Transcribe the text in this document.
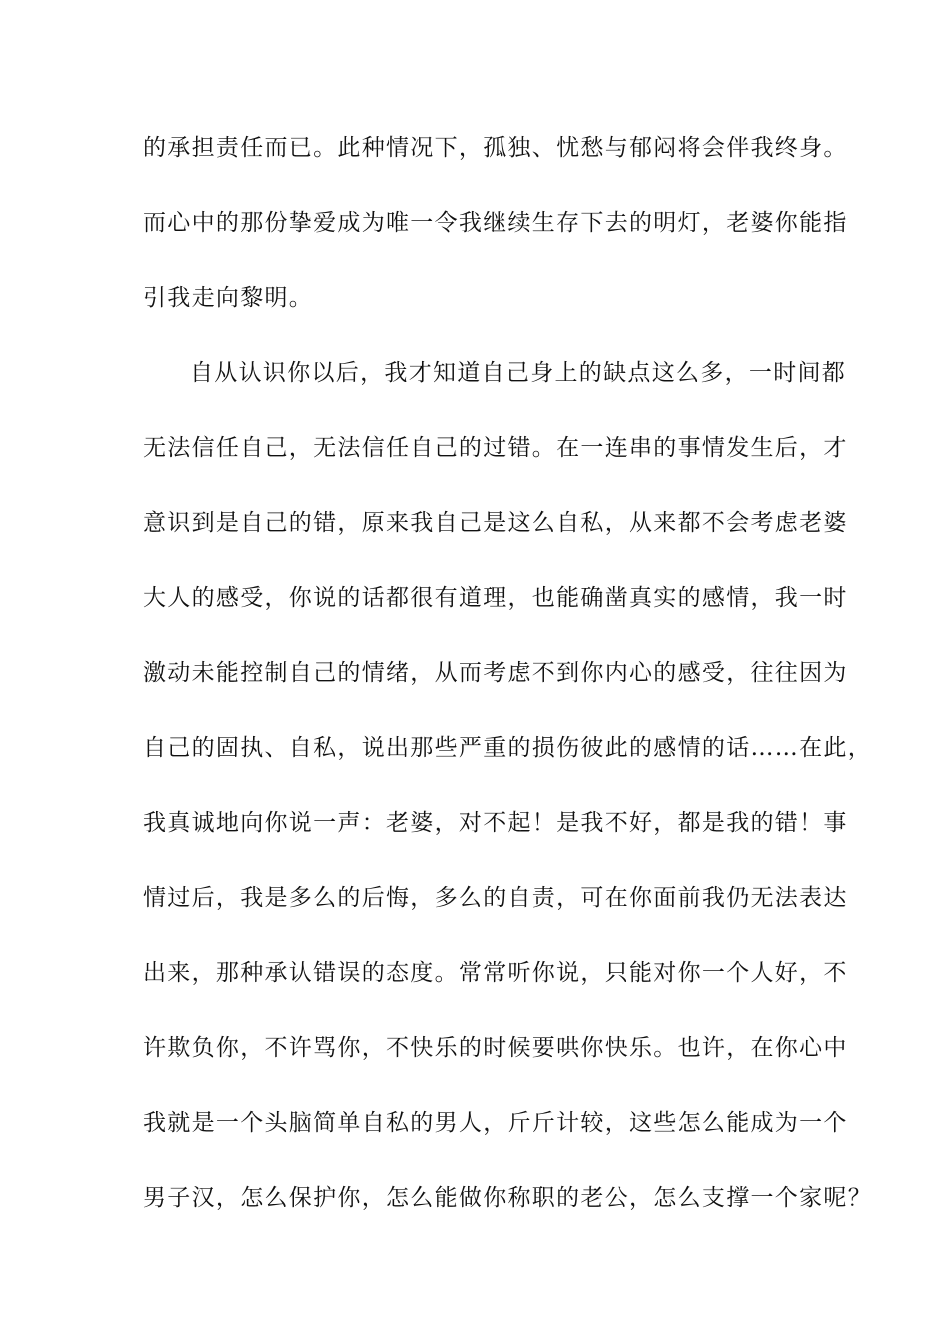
的承担责任而已。此种情况下，孤独、忧愁与郁闷将会伴我终身。

而心中的那份挚爱成为唯一令我继续生存下去的明灯，老婆你能指

引我走向黎明。

自从认识你以后，我才知道自己身上的缺点这么多，一时间都

无法信任自己，无法信任自己的过错。在一连串的事情发生后，才

意识到是自己的错，原来我自己是这么自私，从来都不会考虑老婆

大人的感受，你说的话都很有道理，也能确凿真实的感情，我一时

激动未能控制自己的情绪，从而考虑不到你内心的感受，往往因为

自己的固执、自私，说出那些严重的损伤彼此的感情的话……在此，

我真诚地向你说一声：老婆，对不起！是我不好，都是我的错！事

情过后，我是多么的后悔，多么的自责，可在你面前我仍无法表达

出来，那种承认错误的态度。常常听你说，只能对你一个人好，不

许欺负你，不许骂你，不快乐的时候要哄你快乐。也许，在你心中

我就是一个头脑简单自私的男人，斤斤计较，这些怎么能成为一个

男子汉，怎么保护你，怎么能做你称职的老公，怎么支撑一个家呢？
